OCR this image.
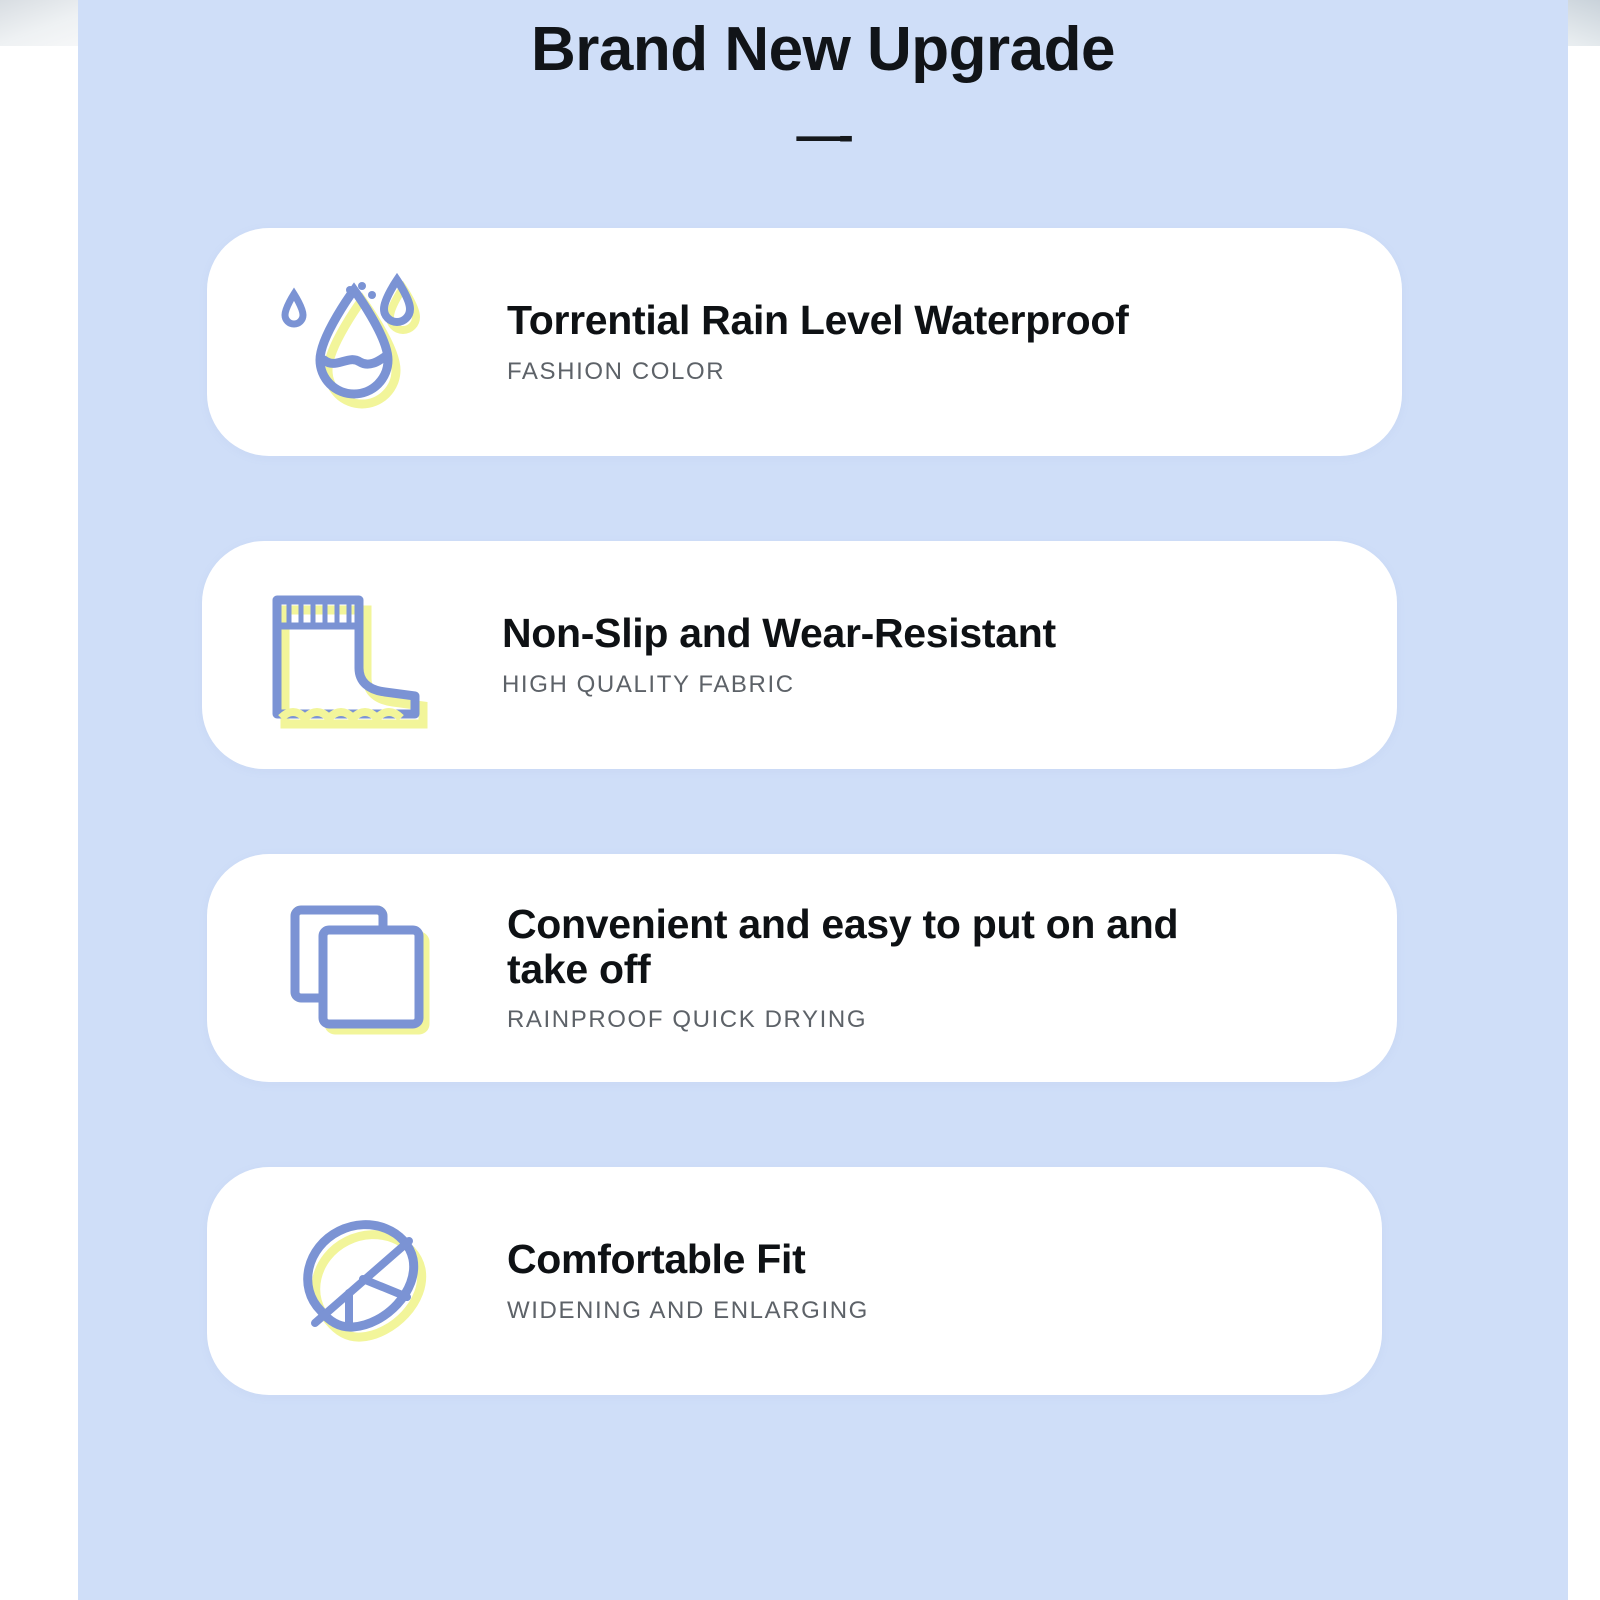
Brand New Upgrade
—-
Torrential Rain Level Waterproof
FASHION COLOR
Non-Slip and Wear-Resistant
HIGH QUALITY FABRIC
Convenient and easy to put on and take off
RAINPROOF QUICK DRYING
Comfortable Fit
WIDENING AND ENLARGING
